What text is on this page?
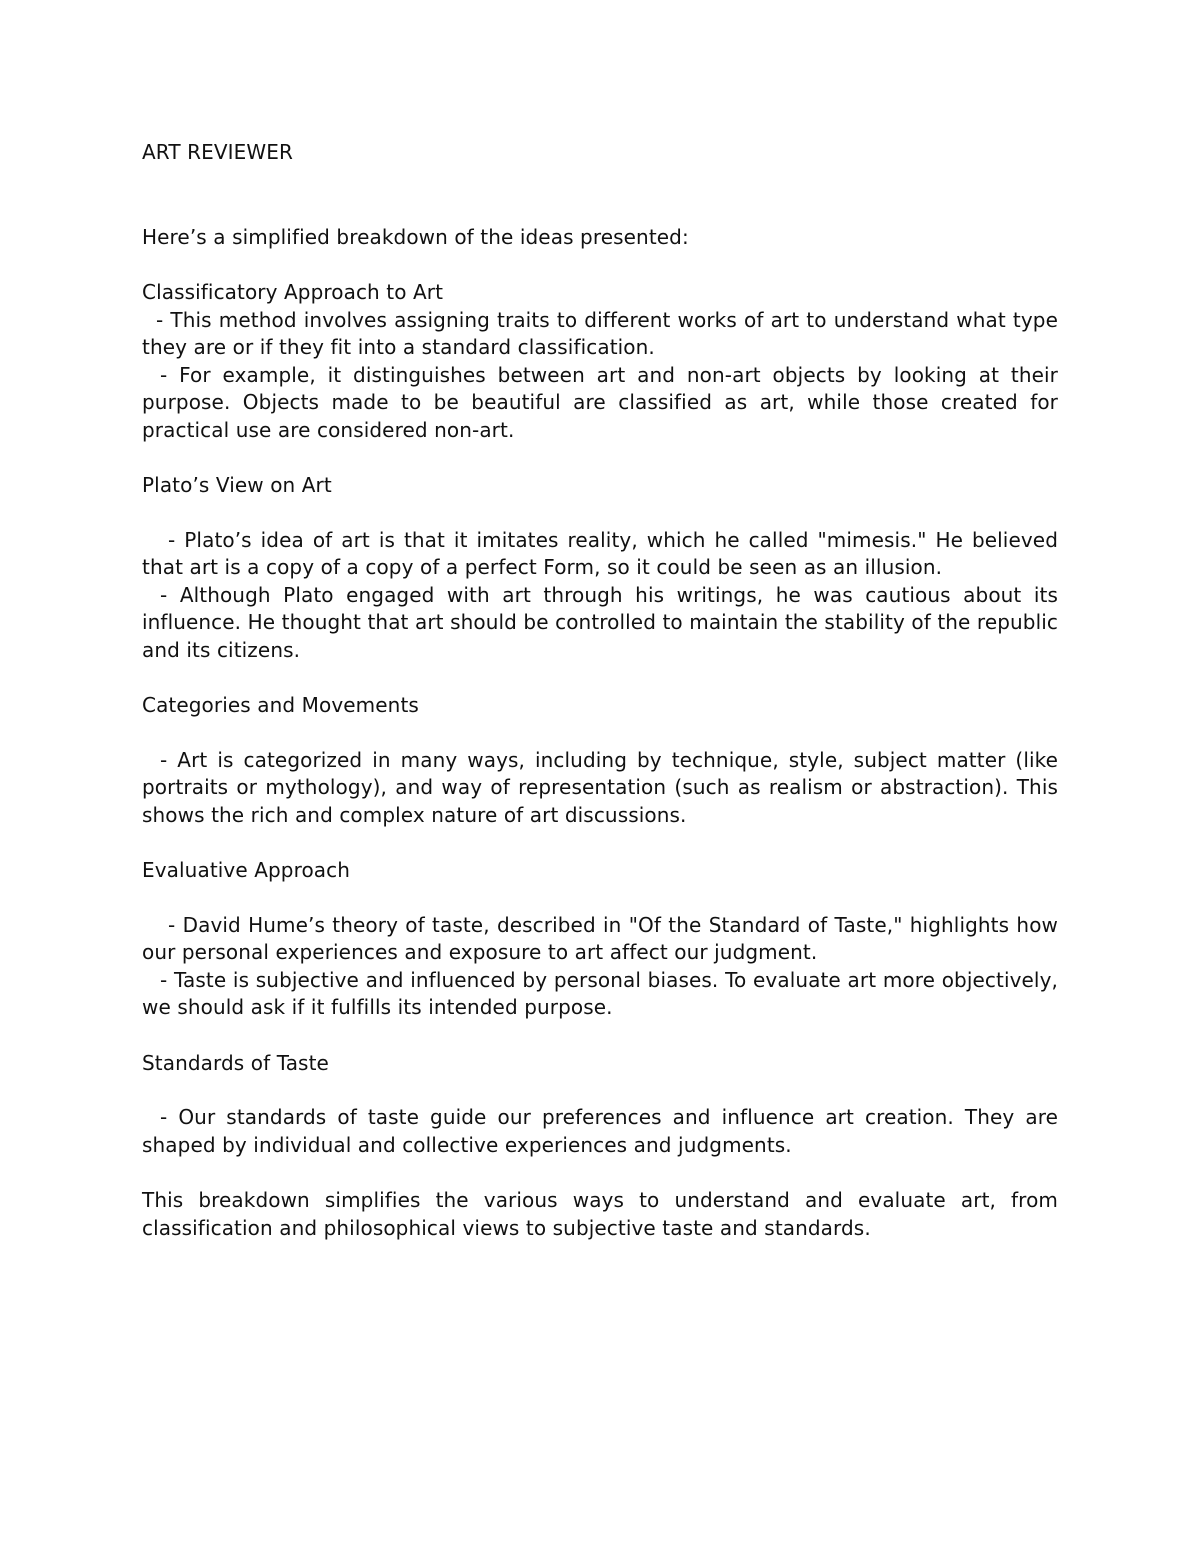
ART REVIEWER

Here’s a simplified breakdown of the ideas presented:

Classificatory Approach to Art

- This method involves assigning traits to different works of art to understand what type they are or if they fit into a standard classification.

- For example, it distinguishes between art and non-art objects by looking at their purpose. Objects made to be beautiful are classified as art, while those created for practical use are considered non-art.

Plato’s View on Art

- Plato’s idea of art is that it imitates reality, which he called "mimesis." He believed that art is a copy of a copy of a perfect Form, so it could be seen as an illusion.

- Although Plato engaged with art through his writings, he was cautious about its influence. He thought that art should be controlled to maintain the stability of the republic and its citizens.

Categories and Movements

- Art is categorized in many ways, including by technique, style, subject matter (like portraits or mythology), and way of representation (such as realism or abstraction). This shows the rich and complex nature of art discussions.

Evaluative Approach

- David Hume’s theory of taste, described in "Of the Standard of Taste," highlights how our personal experiences and exposure to art affect our judgment.

- Taste is subjective and influenced by personal biases. To evaluate art more objectively, we should ask if it fulfills its intended purpose.

Standards of Taste

- Our standards of taste guide our preferences and influence art creation. They are shaped by individual and collective experiences and judgments.

This breakdown simplifies the various ways to understand and evaluate art, from classification and philosophical views to subjective taste and standards.
